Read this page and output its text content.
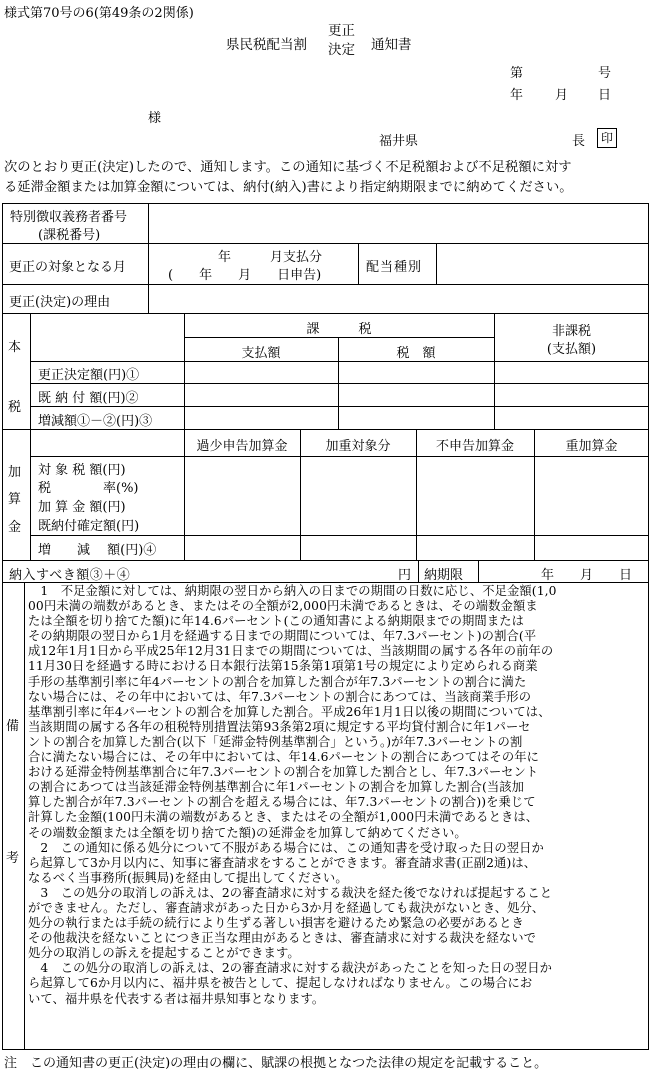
様式第70号の6(第49条の2関係)
県民税配当割
更正
決定 通知書
第	号
年 月 日
様
福井県	長	印
次のとおり更正(決定)したので、通知します。この通知に基づく不足税額および不足税額に対す
る延滞金額または加算金額については、納付(納入)書により指定納期限までに納めてください。
特別徴収義務者番号
(課税番号)
更正の対象となる月
年　　　月支払分
(　　年　　月　　日申告)
配当種別
更正(決定)の理由
本
税
課　　　税
支払額	税　額
非課税
(支払額)
更正決定額(円)①
既 納 付 額(円)②
増減額①－②(円)③
加
算
金
過少申告加算金	加重対象分	不申告加算金	重加算金
対 象 税 額(円)
税　　　　率(%)
加 算 金 額(円)
既納付確定額(円)
増　　減　 額(円)④
納入すべき額③＋④	円 納期限	年　　月　　日
備
考

　1　不足金額に対しては、納期限の翌日から納入の日までの期間の日数に応じ、不足金額(1,0

00円未満の端数があるとき、またはその全額が2,000円未満であるときは、その端数金額ま

たは全額を切り捨てた額)に年14.6パーセント(この通知書による納期限までの期間または

その納期限の翌日から1月を経過する日までの期間については、年7.3パーセント)の割合(平

成12年1月1日から平成25年12月31日までの期間については、当該期間の属する各年の前年の

11月30日を経過する時における日本銀行法第15条第1項第1号の規定により定められる商業

手形の基準割引率に年4パーセントの割合を加算した割合が年7.3パーセントの割合に満た

ない場合には、その年中においては、年7.3パーセントの割合にあつては、当該商業手形の

基準割引率に年4パーセントの割合を加算した割合。平成26年1月1日以後の期間については、

当該期間の属する各年の租税特別措置法第93条第2項に規定する平均貸付割合に年1パーセ

ントの割合を加算した割合(以下「延滞金特例基準割合」という。)が年7.3パーセントの割

合に満たない場合には、その年中においては、年14.6パーセントの割合にあつてはその年に

おける延滞金特例基準割合に年7.3パーセントの割合を加算した割合とし、年7.3パーセント

の割合にあつては当該延滞金特例基準割合に年1パーセントの割合を加算した割合(当該加

算した割合が年7.3パーセントの割合を超える場合には、年7.3パーセントの割合))を乗じて

計算した金額(100円未満の端数があるとき、またはその全額が1,000円未満であるときは、

その端数金額または全額を切り捨てた額)の延滞金を加算して納めてください。

　2　この通知に係る処分について不服がある場合には、この通知書を受け取った日の翌日か

ら起算して3か月以内に、知事に審査請求をすることができます。審査請求書(正副2通)は、

なるべく当事務所(振興局)を経由して提出してください。

　3　この処分の取消しの訴えは、2の審査請求に対する裁決を経た後でなければ提起すること

ができません。ただし、審査請求があった日から3か月を経過しても裁決がないとき、処分、

処分の執行または手続の続行により生ずる著しい損害を避けるため緊急の必要があるとき

その他裁決を経ないことにつき正当な理由があるときは、審査請求に対する裁決を経ないで

処分の取消しの訴えを提起することができます。

　4　この処分の取消しの訴えは、2の審査請求に対する裁決があったことを知った日の翌日か

ら起算して6か月以内に、福井県を被告として、提起しなければなりません。この場合にお

いて、福井県を代表する者は福井県知事となります。

注　この通知書の更正(決定)の理由の欄に、賦課の根拠となつた法律の規定を記載すること。
